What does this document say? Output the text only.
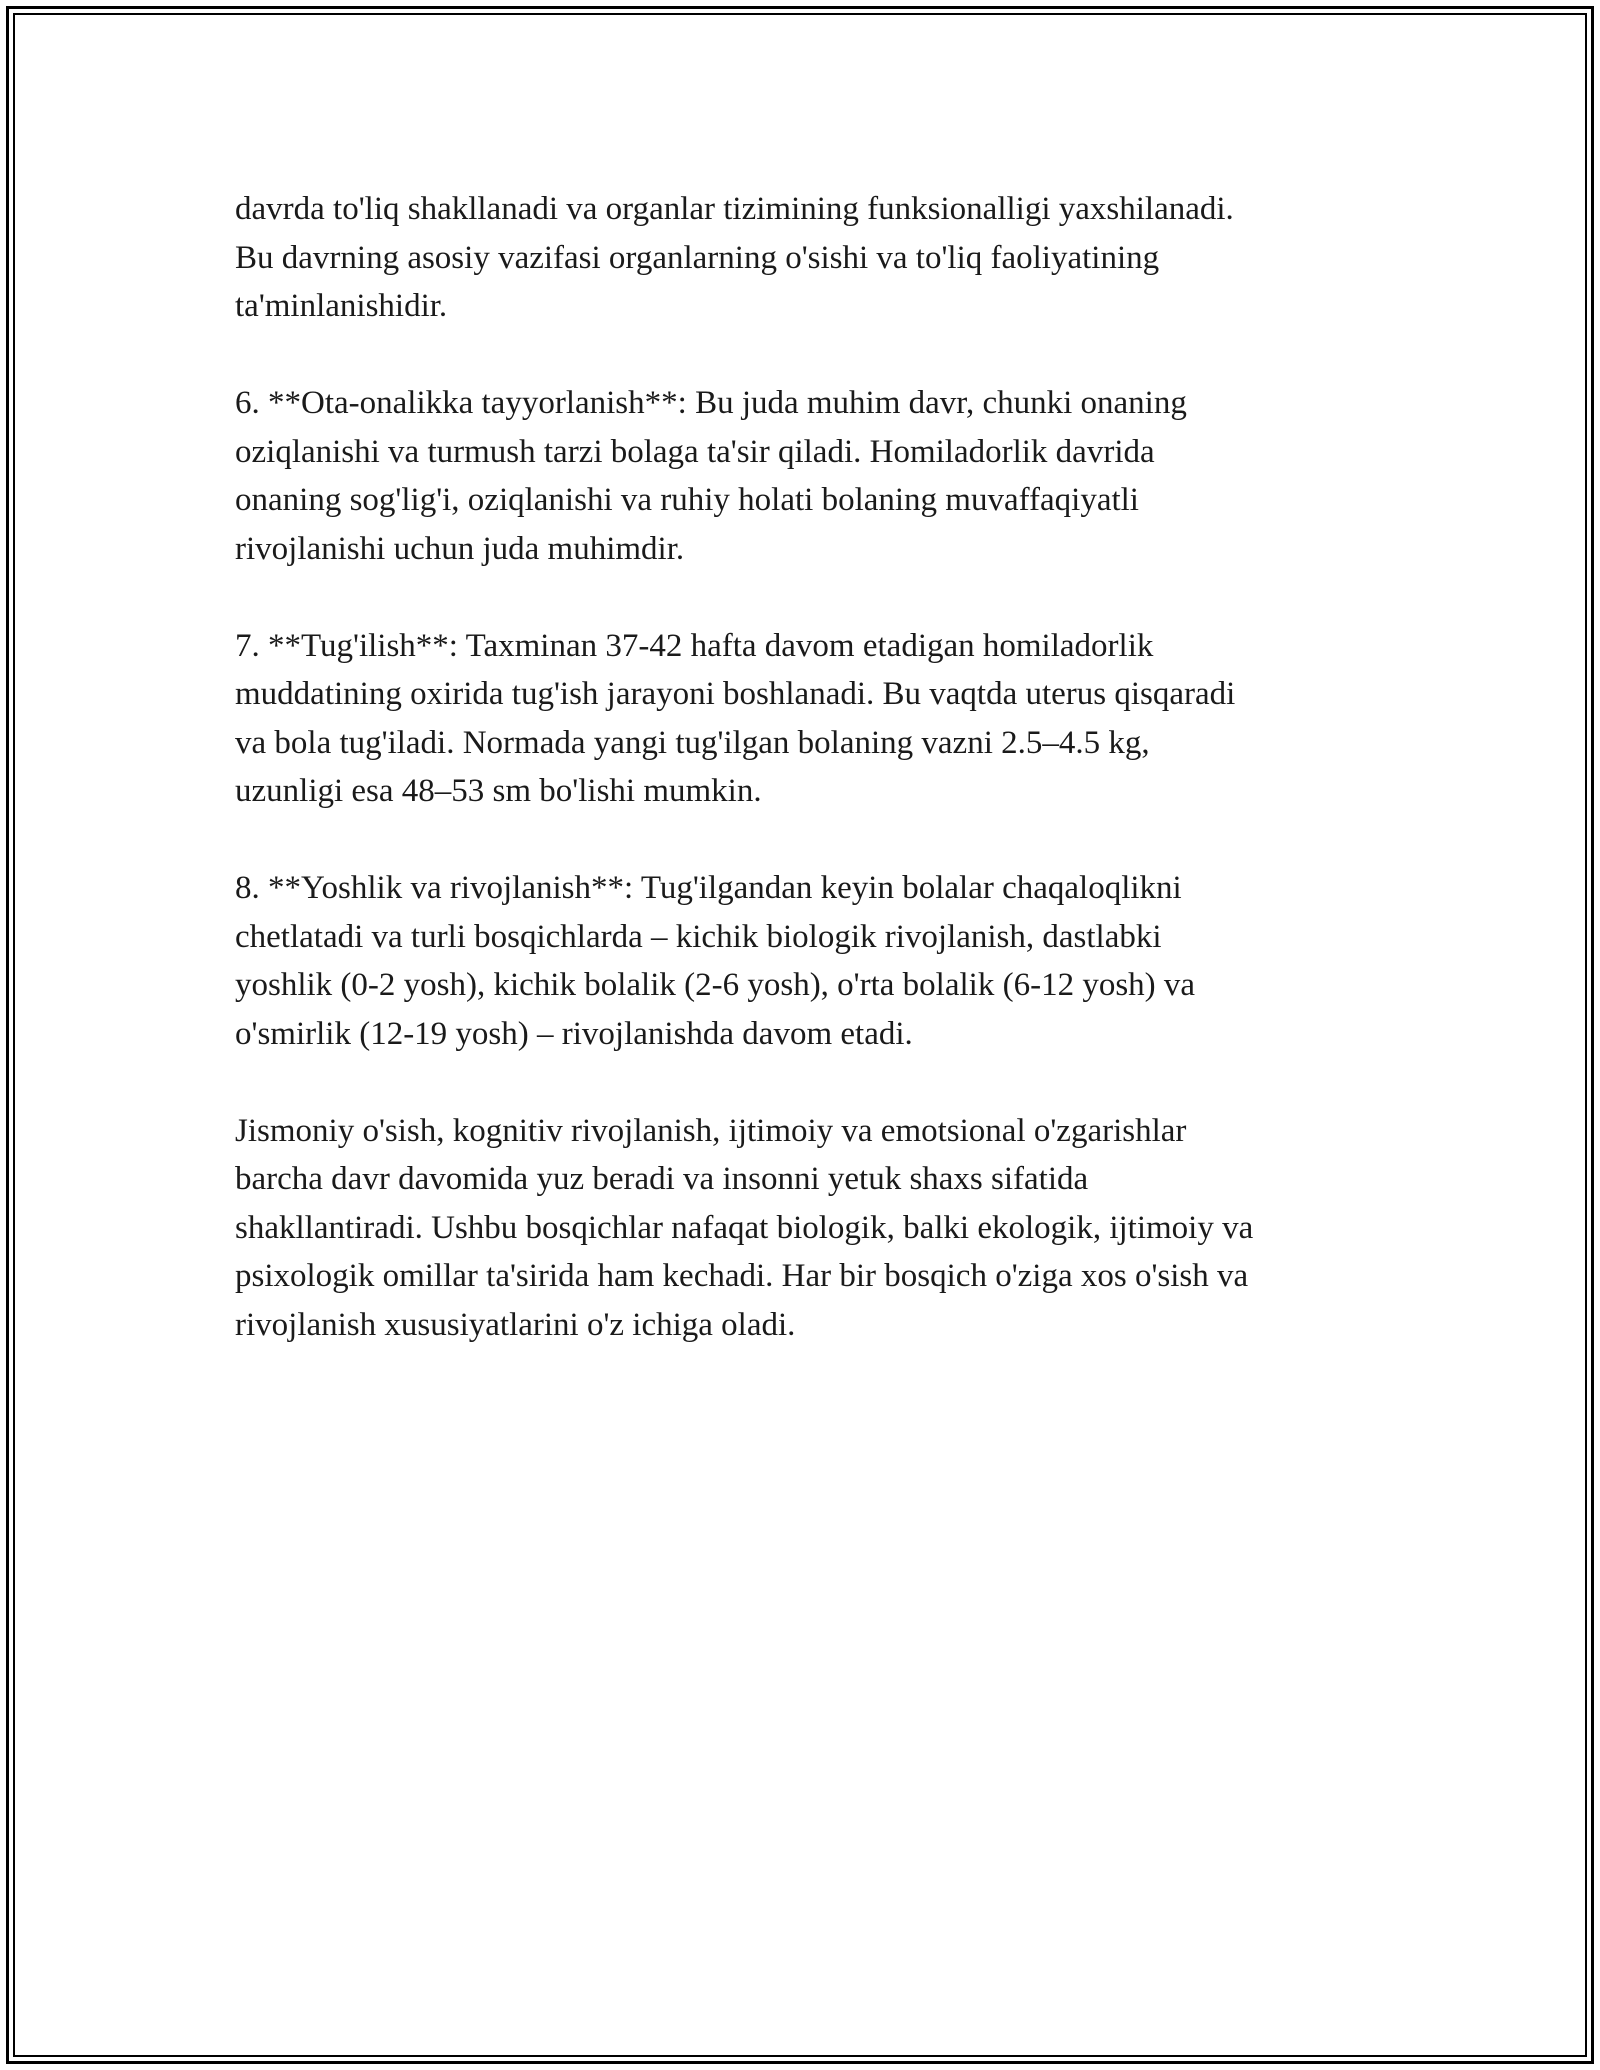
davrda to'liq shakllanadi va organlar tizimining funksionalligi yaxshilanadi.
Bu davrning asosiy vazifasi organlarning o'sishi va to'liq faoliyatining
ta'minlanishidir.

6. **Ota-onalikka tayyorlanish**: Bu juda muhim davr, chunki onaning
oziqlanishi va turmush tarzi bolaga ta'sir qiladi. Homiladorlik davrida
onaning sog'lig'i, oziqlanishi va ruhiy holati bolaning muvaffaqiyatli
rivojlanishi uchun juda muhimdir.

7. **Tug'ilish**: Taxminan 37-42 hafta davom etadigan homiladorlik
muddatining oxirida tug'ish jarayoni boshlanadi. Bu vaqtda uterus qisqaradi
va bola tug'iladi. Normada yangi tug'ilgan bolaning vazni 2.5–4.5 kg,
uzunligi esa 48–53 sm bo'lishi mumkin.

8. **Yoshlik va rivojlanish**: Tug'ilgandan keyin bolalar chaqaloqlikni
chetlatadi va turli bosqichlarda – kichik biologik rivojlanish, dastlabki
yoshlik (0-2 yosh), kichik bolalik (2-6 yosh), o'rta bolalik (6-12 yosh) va
o'smirlik (12-19 yosh) – rivojlanishda davom etadi.

Jismoniy o'sish, kognitiv rivojlanish, ijtimoiy va emotsional o'zgarishlar
barcha davr davomida yuz beradi va insonni yetuk shaxs sifatida
shakllantiradi. Ushbu bosqichlar nafaqat biologik, balki ekologik, ijtimoiy va
psixologik omillar ta'sirida ham kechadi. Har bir bosqich o'ziga xos o'sish va
rivojlanish xususiyatlarini o'z ichiga oladi.
